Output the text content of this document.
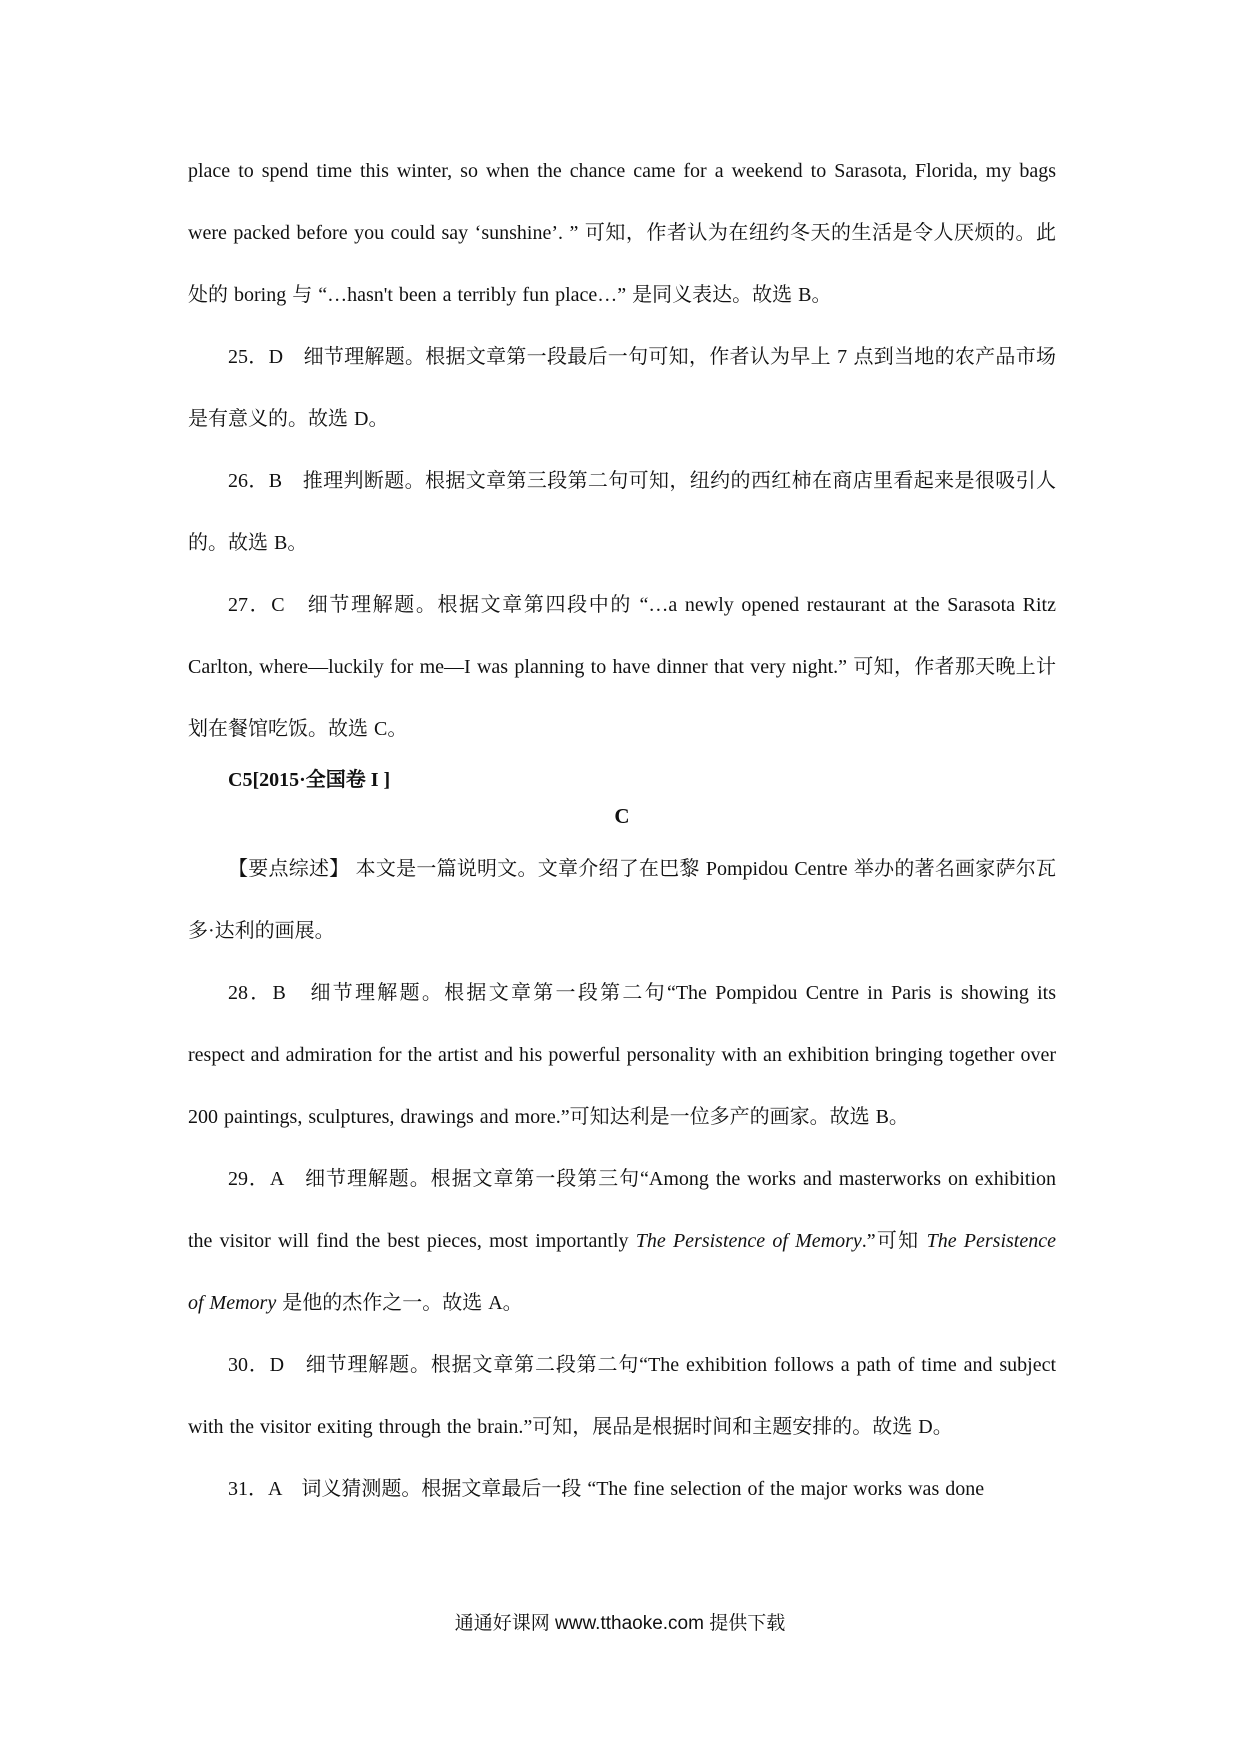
place to spend time this winter, so when the chance came for a weekend to Sarasota, Florida, my bags were packed before you could say ‘sunshine’. ” 可知，作者认为在纽约冬天的生活是令人厌烦的。此处的 boring 与 “…hasn't been a terribly fun place…” 是同义表达。故选 B。

25．D　细节理解题。根据文章第一段最后一句可知，作者认为早上 7 点到当地的农产品市场是有意义的。故选 D。

26．B　推理判断题。根据文章第三段第二句可知，纽约的西红柿在商店里看起来是很吸引人的。故选 B。

27．C　细节理解题。根据文章第四段中的 “…a newly opened restaurant at the Sarasota Ritz Carlton, where—luckily for me—I was planning to have dinner that very night.” 可知，作者那天晚上计划在餐馆吃饭。故选 C。

C5[2015·全国卷 I ]

C

【要点综述】 本文是一篇说明文。文章介绍了在巴黎 Pompidou Centre 举办的著名画家萨尔瓦多·达利的画展。

28．B　细节理解题。根据文章第一段第二句“The Pompidou Centre in Paris is showing its respect and admiration for the artist and his powerful personality with an exhibition bringing together over 200 paintings, sculptures, drawings and more.”可知达利是一位多产的画家。故选 B。

29．A　细节理解题。根据文章第一段第三句“Among the works and masterworks on exhibition the visitor will find the best pieces, most importantly The Persistence of Memory.”可知 The Persistence of Memory 是他的杰作之一。故选 A。

30．D　细节理解题。根据文章第二段第二句“The exhibition follows a path of time and subject with the visitor exiting through the brain.”可知，展品是根据时间和主题安排的。故选 D。

31．A　词义猜测题。根据文章最后一段 “The fine selection of the major works was done

通通好课网 www.tthaoke.com 提供下载
